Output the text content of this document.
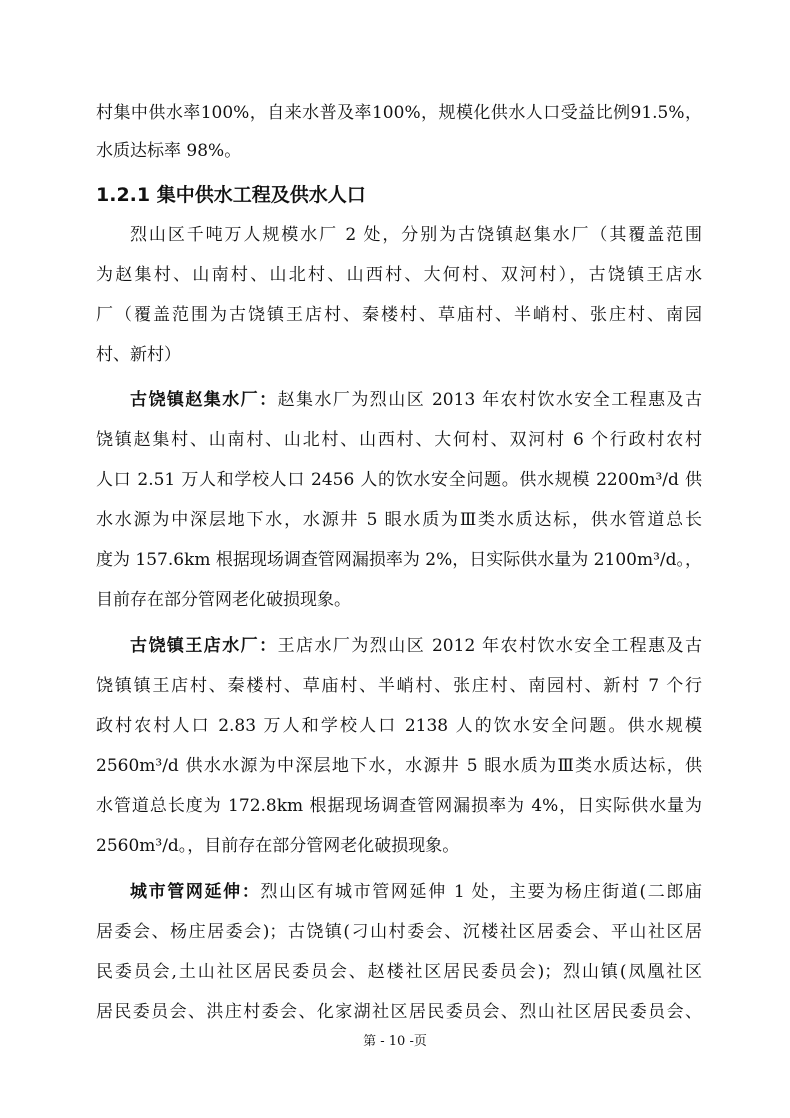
村集中供水率100%，自来水普及率100%，规模化供水人口受益比例91.5%，
水质达标率 98%。
1.2.1 集中供水工程及供水人口
烈山区千吨万人规模水厂 2 处，分别为古饶镇赵集水厂（其覆盖范围
为赵集村、山南村、山北村、山西村、大何村、双河村），古饶镇王店水
厂（覆盖范围为古饶镇王店村、秦楼村、草庙村、半峭村、张庄村、南园
村、新村）
古饶镇赵集水厂：赵集水厂为烈山区 2013 年农村饮水安全工程惠及古
饶镇赵集村、山南村、山北村、山西村、大何村、双河村 6 个行政村农村
人口 2.51 万人和学校人口 2456 人的饮水安全问题。供水规模 2200m³/d 供
水水源为中深层地下水，水源井 5 眼水质为Ⅲ类水质达标，供水管道总长
度为 157.6km 根据现场调查管网漏损率为 2%，日实际供水量为 2100m³/d。，
目前存在部分管网老化破损现象。
古饶镇王店水厂：王店水厂为烈山区 2012 年农村饮水安全工程惠及古
饶镇镇王店村、秦楼村、草庙村、半峭村、张庄村、南园村、新村 7 个行
政村农村人口 2.83 万人和学校人口 2138 人的饮水安全问题。供水规模
2560m³/d 供水水源为中深层地下水，水源井 5 眼水质为Ⅲ类水质达标，供
水管道总长度为 172.8km 根据现场调查管网漏损率为 4%，日实际供水量为
2560m³/d。，目前存在部分管网老化破损现象。
城市管网延伸：烈山区有城市管网延伸 1 处，主要为杨庄街道(二郎庙
居委会、杨庄居委会)；古饶镇(刁山村委会、沉楼社区居委会、平山社区居
民委员会,土山社区居民委员会、赵楼社区居民委员会)；烈山镇(凤凰社区
居民委员会、洪庄村委会、化家湖社区居民委员会、烈山社区居民委员会、
第 - 10 -页
